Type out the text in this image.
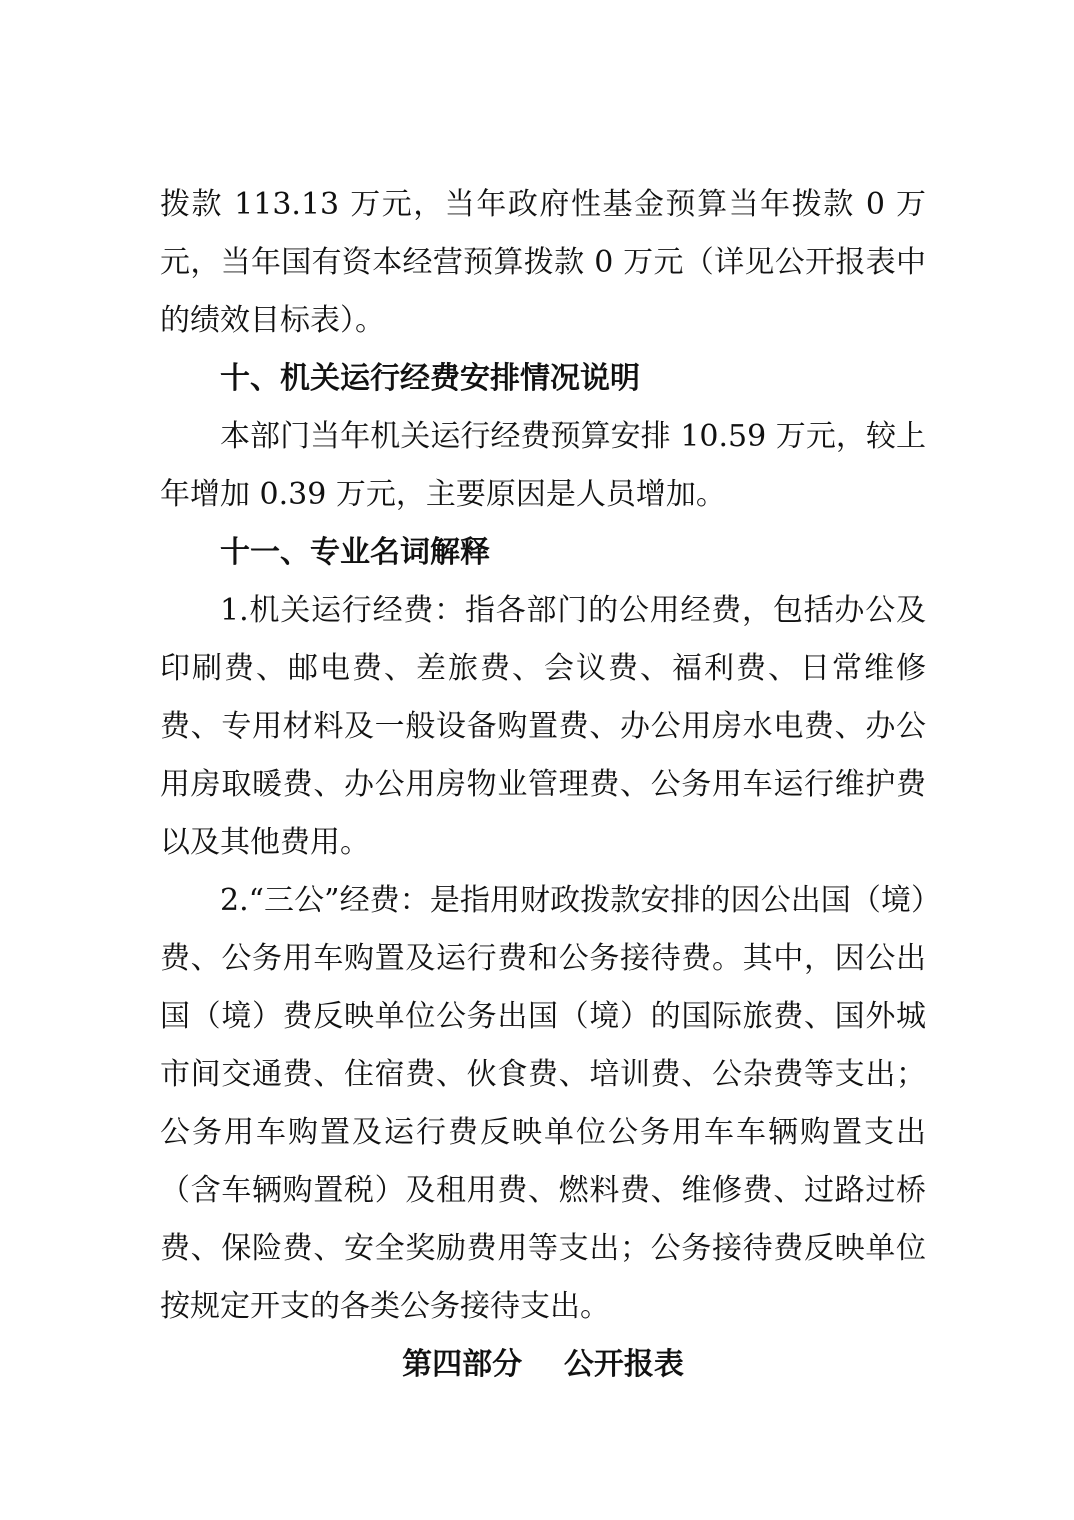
拨款 113.13 万元，当年政府性基金预算当年拨款 0 万元，当年国有资本经营预算拨款 0 万元（详见公开报表中的绩效目标表）。

十、机关运行经费安排情况说明

本部门当年机关运行经费预算安排 10.59 万元，较上年增加 0.39 万元，主要原因是人员增加。

十一、专业名词解释

1.机关运行经费：指各部门的公用经费，包括办公及印刷费、邮电费、差旅费、会议费、福利费、日常维修费、专用材料及一般设备购置费、办公用房水电费、办公用房取暖费、办公用房物业管理费、公务用车运行维护费以及其他费用。

2.“三公”经费：是指用财政拨款安排的因公出国（境）费、公务用车购置及运行费和公务接待费。其中，因公出国（境）费反映单位公务出国（境）的国际旅费、国外城市间交通费、住宿费、伙食费、培训费、公杂费等支出；公务用车购置及运行费反映单位公务用车车辆购置支出（含车辆购置税）及租用费、燃料费、维修费、过路过桥费、保险费、安全奖励费用等支出；公务接待费反映单位按规定开支的各类公务接待支出。

第四部分    公开报表
